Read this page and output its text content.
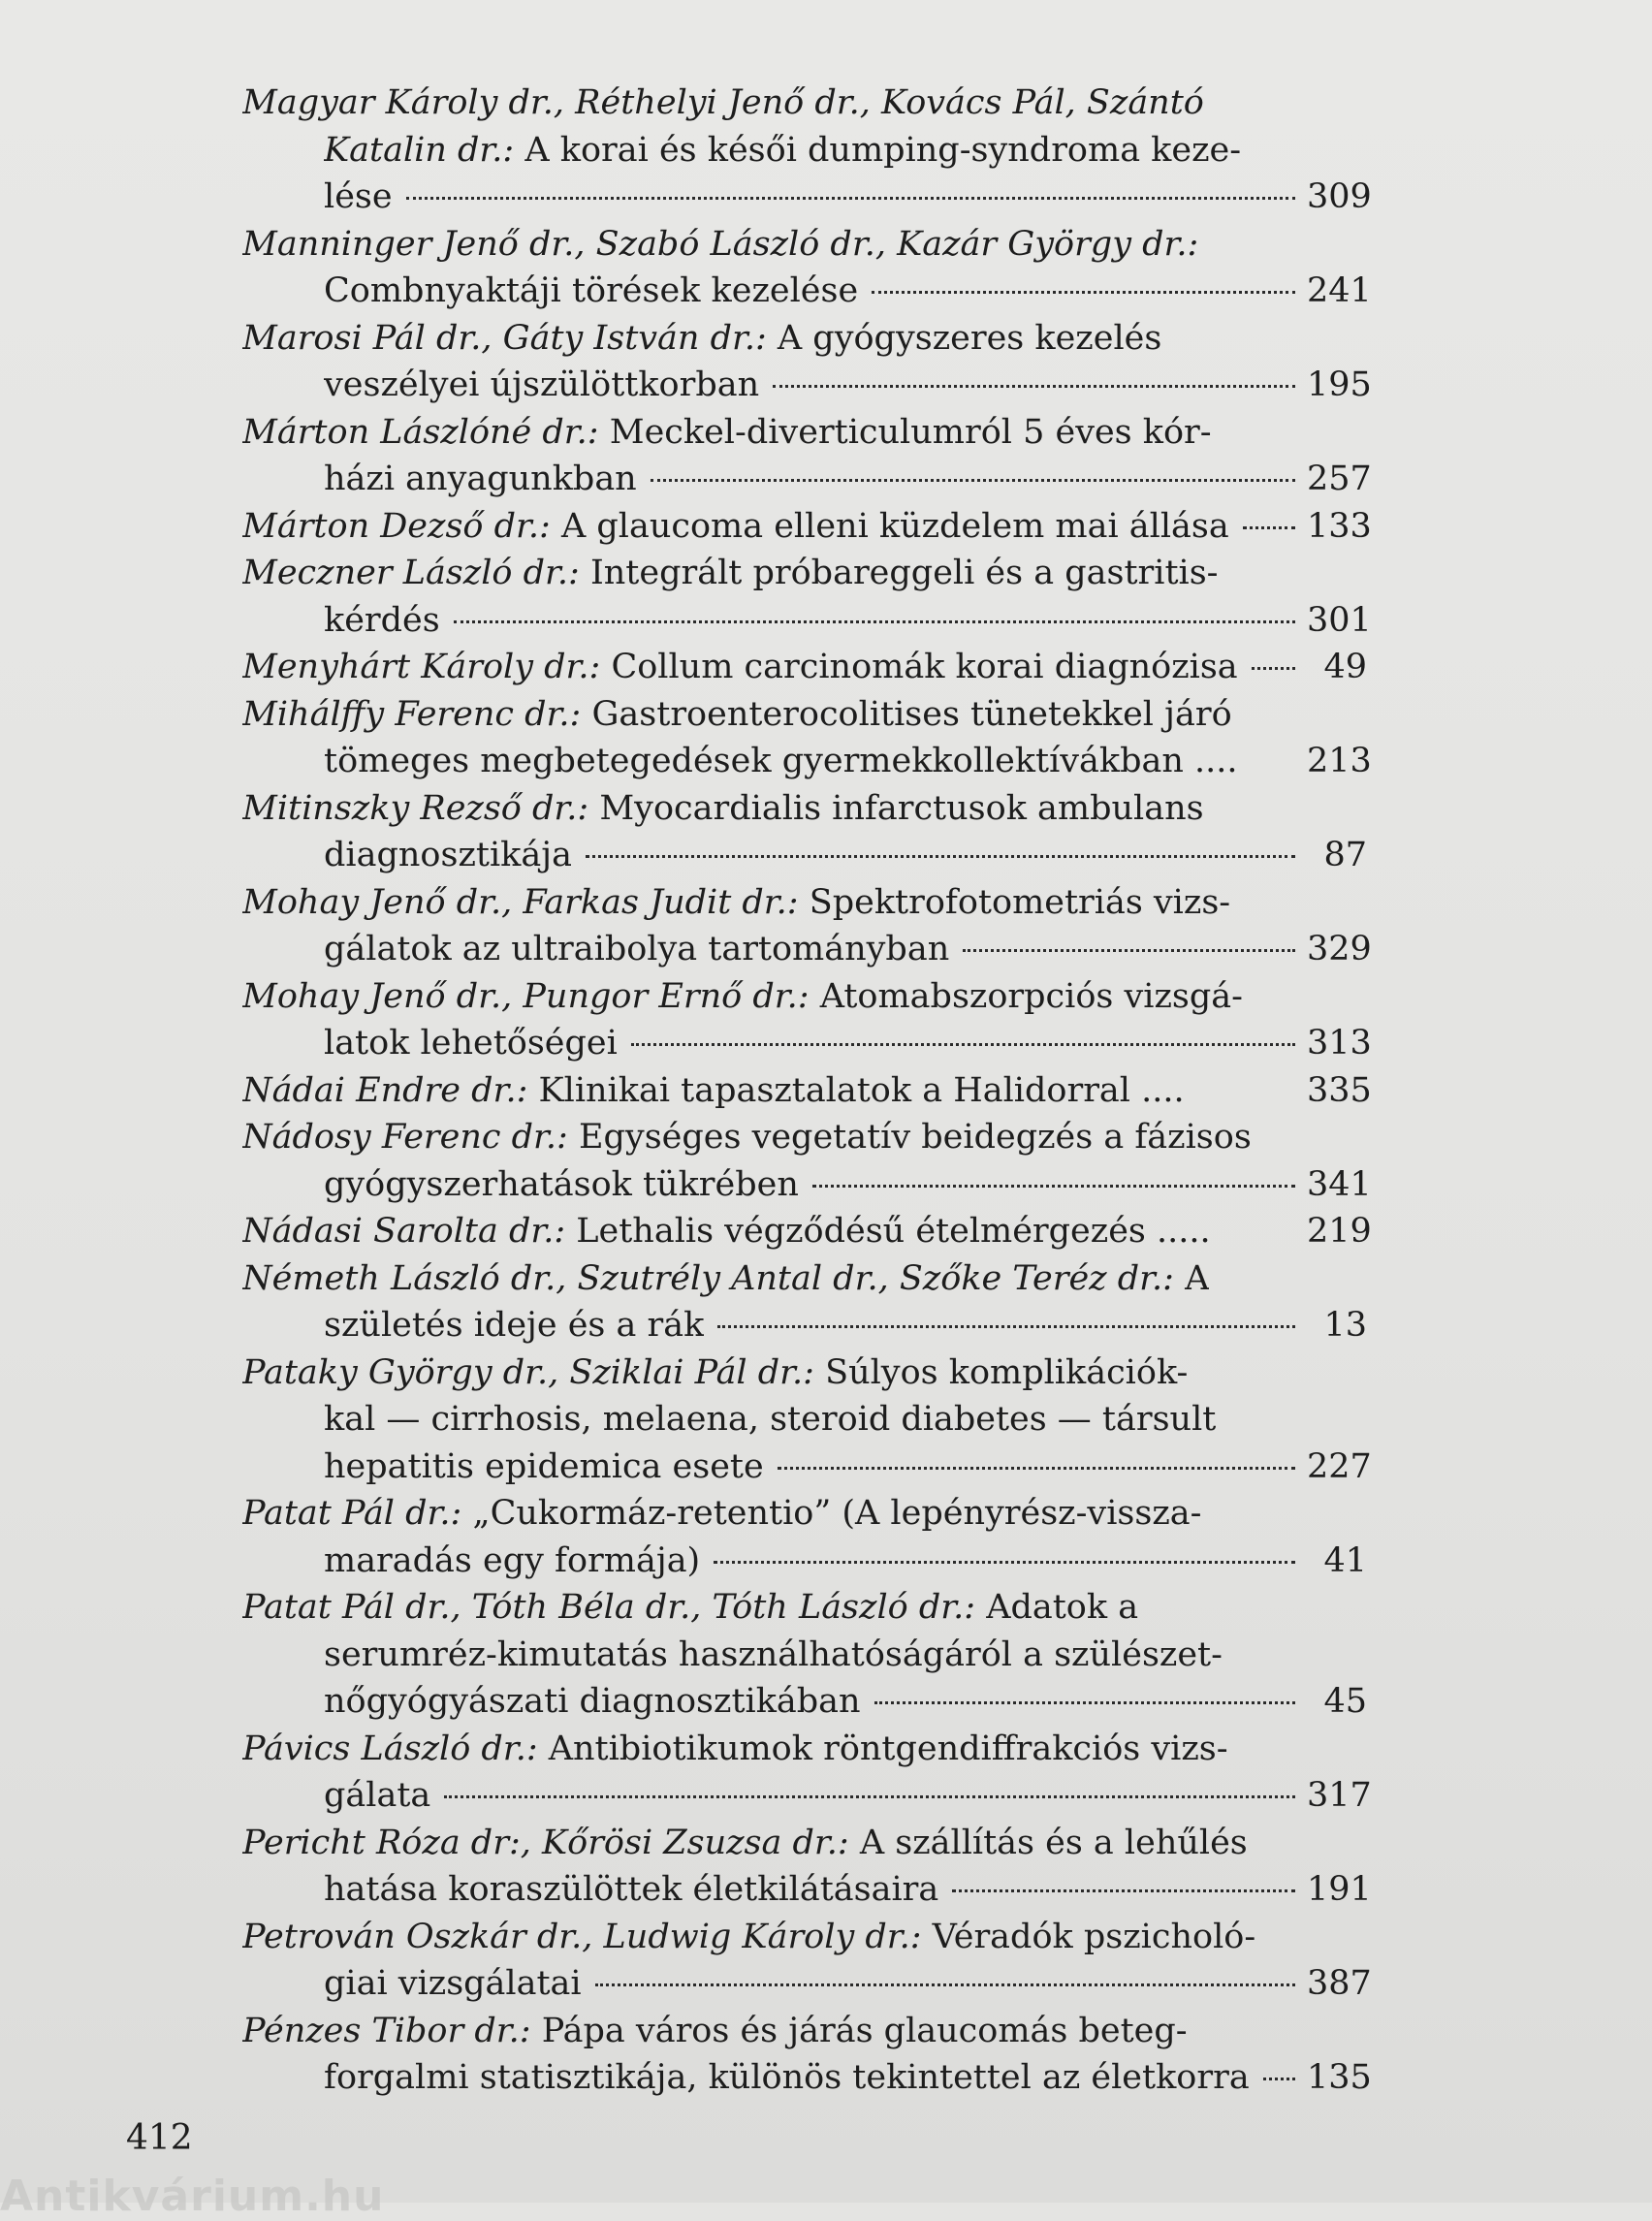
Magyar Károly dr., Réthelyi Jenő dr., Kovács Pál, Szántó
Katalin dr.: A korai és késői dumping-syndroma keze-
lése	309
Manninger Jenő dr., Szabó László dr., Kazár György dr.:
Combnyaktáji törések kezelése	241
Marosi Pál dr., Gáty István dr.: A gyógyszeres kezelés
veszélyei újszülöttkorban	195
Márton Lászlóné dr.: Meckel-diverticulumról 5 éves kór-
házi anyagunkban	257
Márton Dezső dr.: A glaucoma elleni küzdelem mai állása 133
Meczner László dr.: Integrált próbareggeli és a gastritis-
kérdés	301
Menyhárt Károly dr.: Collum carcinomák korai diagnózisa	49
Mihálffy Ferenc dr.: Gastroenterocolitises tünetekkel járó
tömeges megbetegedések gyermekkollektívákban .... 213
Mitinszky Rezső dr.: Myocardialis infarctusok ambulans
diagnosztikája	87
Mohay Jenő dr., Farkas Judit dr.: Spektrofotometriás vizs-
gálatok az ultraibolya tartományban	329
Mohay Jenő dr., Pungor Ernő dr.: Atomabszorpciós vizsgá-
latok lehetőségei	313
Nádai Endre dr.: Klinikai tapasztalatok a Halidorral ....	335
Nádosy Ferenc dr.: Egységes vegetatív beidegzés a fázisos
gyógyszerhatások tükrében	341
Nádasi Sarolta dr.: Lethalis végződésű ételmérgezés .....	219
Németh László dr., Szutrély Antal dr., Szőke Teréz dr.: A
születés ideje és a rák	13
Pataky György dr., Sziklai Pál dr.: Súlyos komplikációk-
kal — cirrhosis, melaena, steroid diabetes — társult
hepatitis epidemica esete	227
Patat Pál dr.: „Cukormáz-retentio” (A lepényrész-vissza-
maradás egy formája)	41
Patat Pál dr., Tóth Béla dr., Tóth László dr.: Adatok a
serumréz-kimutatás használhatóságáról a szülészet-
nőgyógyászati diagnosztikában	45
Pávics László dr.: Antibiotikumok röntgendiffrakciós vizs-
gálata	317
Pericht Róza dr:, Kőrösi Zsuzsa dr.: A szállítás és a lehűlés
hatása koraszülöttek életkilátásaira	191
Petrován Oszkár dr., Ludwig Károly dr.: Véradók pszicholó-
giai vizsgálatai	387
Pénzes Tibor dr.: Pápa város és járás glaucomás beteg-
forgalmi statisztikája, különös tekintettel az életkorra 135
412
Antikvárium.hu
